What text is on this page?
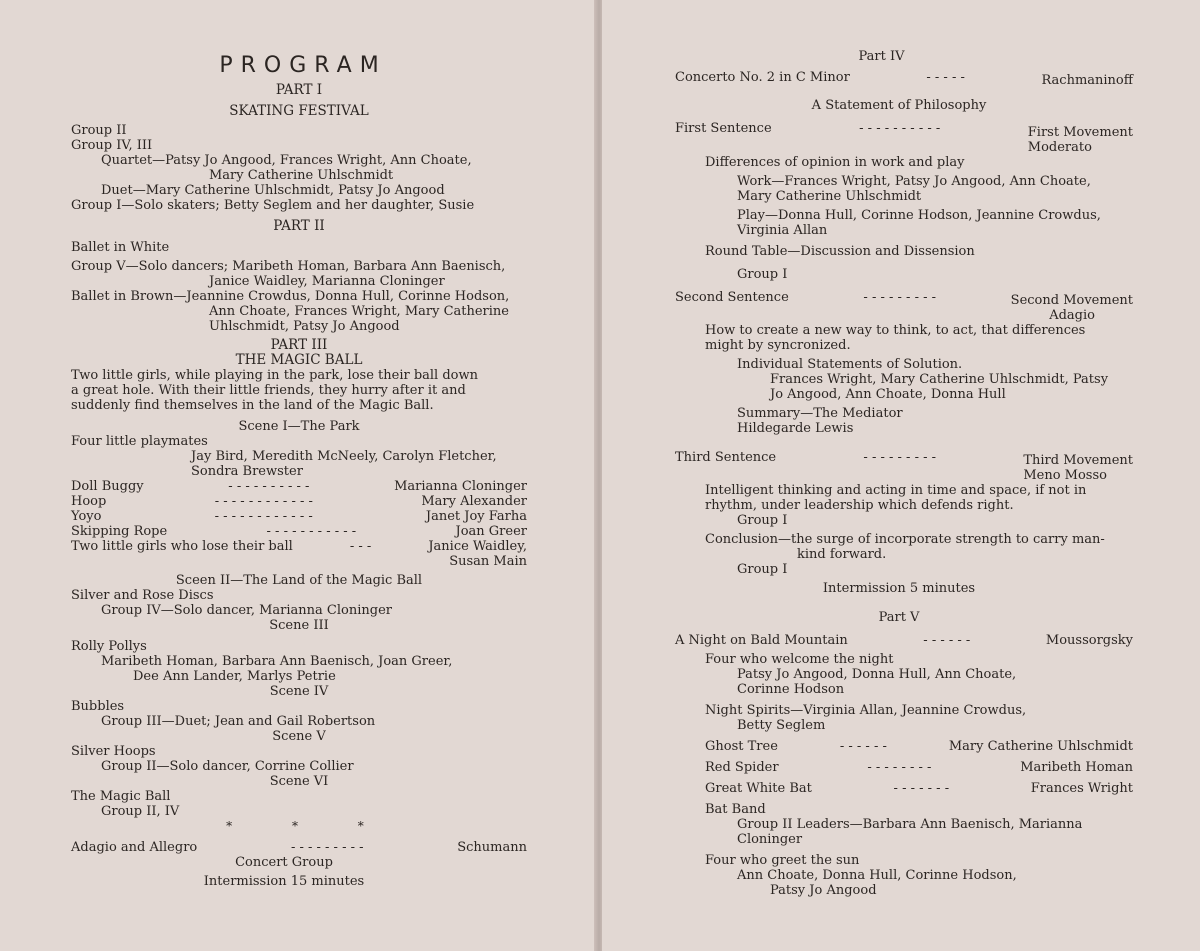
PROGRAM
PART I
SKATING FESTIVAL
Group II
Group IV, III
Quartet—Patsy Jo Angood, Frances Wright, Ann Choate,
Mary Catherine Uhlschmidt
Duet—Mary Catherine Uhlschmidt, Patsy Jo Angood
Group I—Solo skaters; Betty Seglem and her daughter, Susie
PART II
Ballet in White
Group V—Solo dancers; Maribeth Homan, Barbara Ann Baenisch,
Janice Waidley, Marianna Cloninger
Ballet in Brown—Jeannine Crowdus, Donna Hull, Corinne Hodson,
Ann Choate, Frances Wright, Mary Catherine
Uhlschmidt, Patsy Jo Angood
PART III
THE MAGIC BALL
Two little girls, while playing in the park, lose their ball down
a great hole. With their little friends, they hurry after it and
suddenly find themselves in the land of the Magic Ball.
Scene I—The Park
Four little playmates
Jay Bird, Meredith McNeely, Carolyn Fletcher,
Sondra Brewster
Doll Buggy	- - - - - - - - - -	Marianna Cloninger
Hoop	- - - - - - - - - - - -	Mary Alexander
Yoyo	- - - - - - - - - - - -	Janet Joy Farha
Skipping Rope	- - - - - - - - - - -	Joan Greer
Two little girls who lose their ball	- - -	Janice Waidley,
Susan Main
Sceen II—The Land of the Magic Ball
Silver and Rose Discs
Group IV—Solo dancer, Marianna Cloninger
Scene III
Rolly Pollys
Maribeth Homan, Barbara Ann Baenisch, Joan Greer,
Dee Ann Lander, Marlys Petrie
Scene IV
Bubbles
Group III—Duet; Jean and Gail Robertson
Scene V
Silver Hoops
Group II—Solo dancer, Corrine Collier
Scene VI
The Magic Ball
Group II, IV
* * *
Adagio and Allegro	- - - - - - - - -	Schumann
Concert Group
Intermission 15 minutes
Part IV
Concerto No. 2 in C Minor	- - - - -	Rachmaninoff
A Statement of Philosophy
First Sentence	- - - - - - - - - -	First Movement
Moderato
Differences of opinion in work and play
Work—Frances Wright, Patsy Jo Angood, Ann Choate,
Mary Catherine Uhlschmidt
Play—Donna Hull, Corinne Hodson, Jeannine Crowdus,
Virginia Allan
Round Table—Discussion and Dissension
Group I
Second Sentence	- - - - - - - - -	Second Movement
Adagio
How to create a new way to think, to act, that differences
might by syncronized.
Individual Statements of Solution.
Frances Wright, Mary Catherine Uhlschmidt, Patsy
Jo Angood, Ann Choate, Donna Hull
Summary—The Mediator
Hildegarde Lewis
Third Sentence	- - - - - - - - -	Third Movement
Meno Mosso
Intelligent thinking and acting in time and space, if not in
rhythm, under leadership which defends right.
Group I
Conclusion—the surge of incorporate strength to carry man-
kind forward.
Group I
Intermission 5 minutes
Part V
A Night on Bald Mountain	- - - - - -	Moussorgsky
Four who welcome the night
Patsy Jo Angood, Donna Hull, Ann Choate,
Corinne Hodson
Night Spirits—Virginia Allan, Jeannine Crowdus,
Betty Seglem
Ghost Tree	- - - - - -	Mary Catherine Uhlschmidt
Red Spider	- - - - - - - -	Maribeth Homan
Great White Bat	- - - - - - -	Frances Wright
Bat Band
Group II Leaders—Barbara Ann Baenisch, Marianna
Cloninger
Four who greet the sun
Ann Choate, Donna Hull, Corinne Hodson,
Patsy Jo Angood
